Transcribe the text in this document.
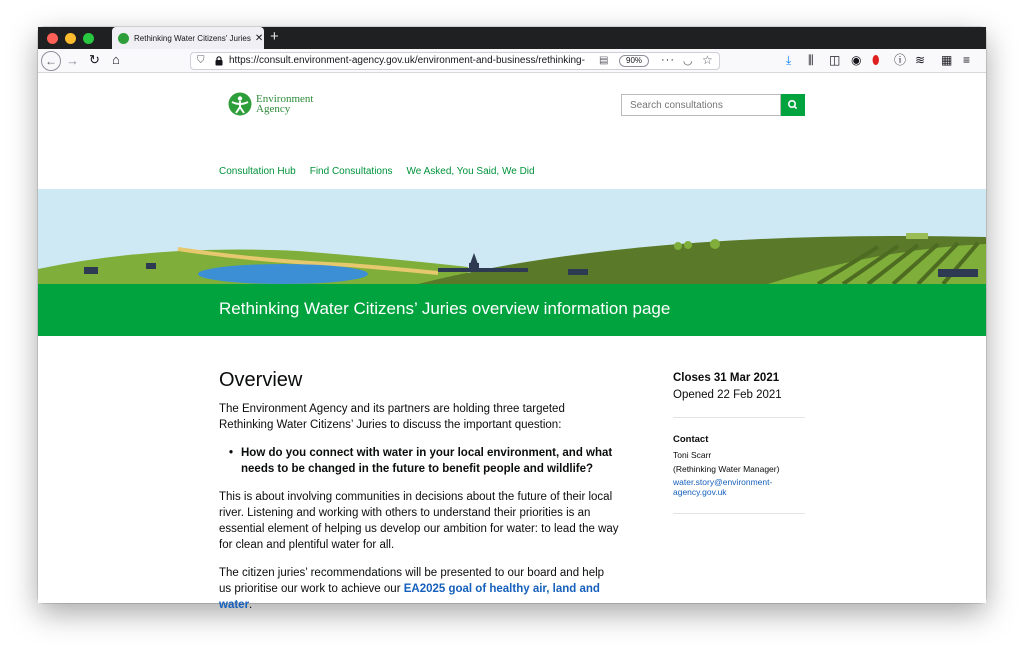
Rethinking Water Citizens' Juries ✕ +
← → ↻ ⌂	⛉ https://consult.environment-agency.gov.uk/environment-and-business/rethinking-	▤	90%	··· ◡ ☆	⤓ ⫼ ◫ ◉ ⬮ ⓘ ≋ ▦ ≡
Environment
Agency	Search consultations
Consultation Hub Find Consultations We Asked, You Said, We Did
Rethinking Water Citizens’ Juries overview information page
Overview

The Environment Agency and its partners are holding three targeted Rethinking Water Citizens’ Juries to discuss the important question:

• How do you connect with water in your local environment, and what needs to be changed in the future to benefit people and wildlife?

This is about involving communities in decisions about the future of their local river. Listening and working with others to understand their priorities is an essential element of helping us develop our ambition for water: to lead the way for clean and plentiful water for all.

The citizen juries’ recommendations will be presented to our board and help us prioritise our work to achieve our EA2025 goal of healthy air, land and water.

Closes 31 Mar 2021
Opened 22 Feb 2021
Contact
Toni Scarr
(Rethinking Water Manager)
water.story@environment-agency.gov.uk
